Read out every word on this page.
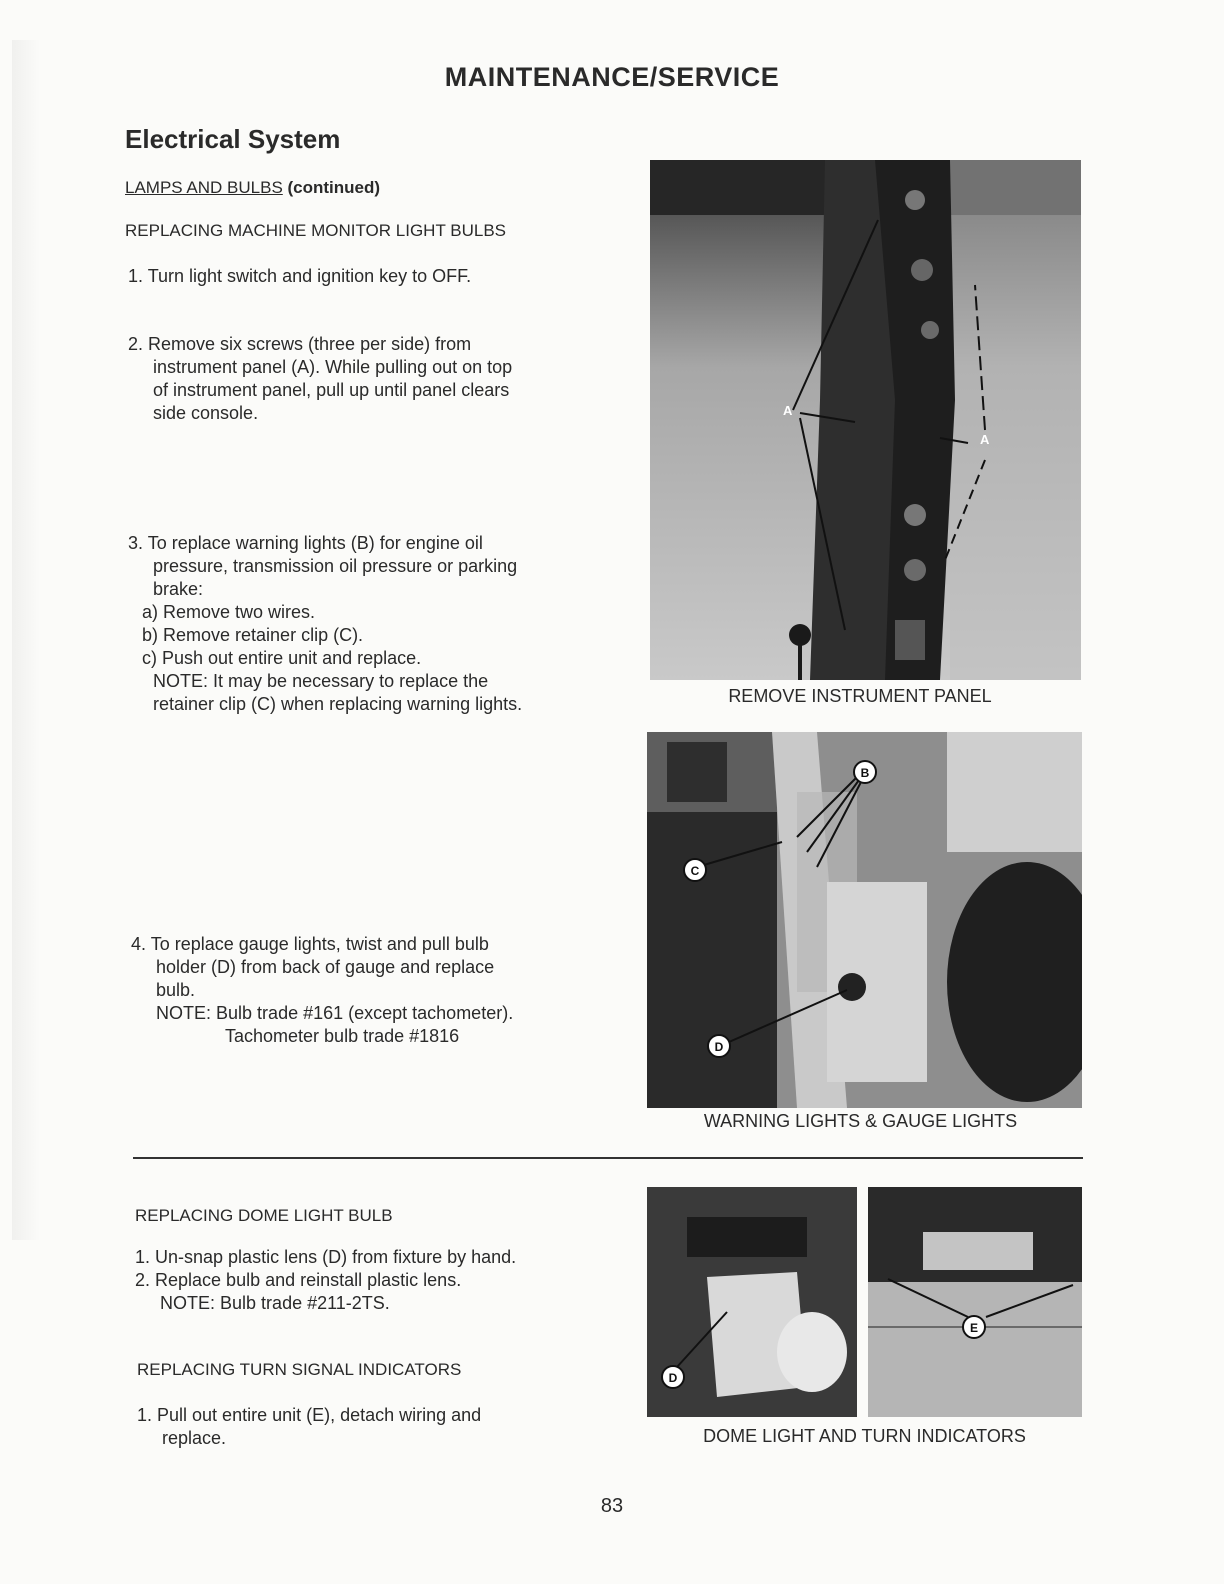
MAINTENANCE/SERVICE
Electrical System
LAMPS AND BULBS (continued)
REPLACING MACHINE MONITOR LIGHT BULBS
1. Turn light switch and ignition key to OFF.
2. Remove six screws (three per side) from
instrument panel (A). While pulling out on top
of instrument panel, pull up until panel clears
side console.
3. To replace warning lights (B) for engine oil
pressure, transmission oil pressure or parking
brake:
a) Remove two wires.
b) Remove retainer clip (C).
c) Push out entire unit and replace.
NOTE: It may be necessary to replace the
retainer clip (C) when replacing warning lights.
4. To replace gauge lights, twist and pull bulb
holder (D) from back of gauge and replace
bulb.
NOTE: Bulb trade #161 (except tachometer).
Tachometer bulb trade #1816
REPLACING DOME LIGHT BULB
1. Un-snap plastic lens (D) from fixture by hand.
2. Replace bulb and reinstall plastic lens.
NOTE: Bulb trade #211-2TS.
REPLACING TURN SIGNAL INDICATORS
1. Pull out entire unit (E), detach wiring and
replace.
A
A
REMOVE INSTRUMENT PANEL
B
C
D
WARNING LIGHTS & GAUGE LIGHTS
D
E
DOME LIGHT AND TURN INDICATORS
83
